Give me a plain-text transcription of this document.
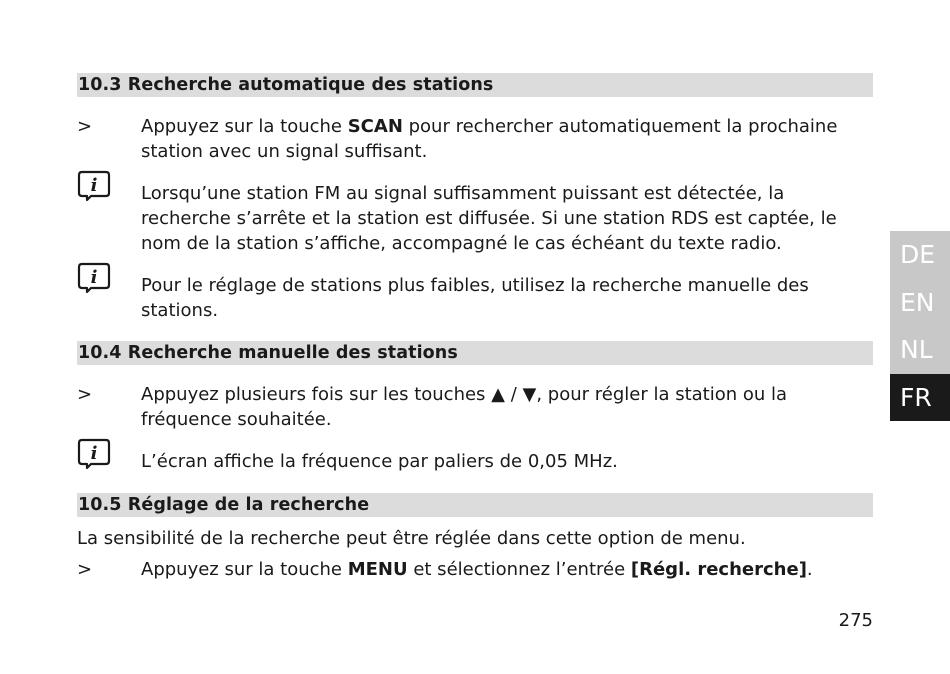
10.3 Recherche automatique des stations
>	Appuyez sur la touche SCAN pour rechercher automatiquement la prochaine station avec un signal suffisant.
i Lorsqu’une station FM au signal suffisamment puissant est détectée, la recherche s’arrête et la station est diffusée. Si une station RDS est captée, le nom de la station s’affiche, accompagné le cas échéant du texte radio.
i Pour le réglage de stations plus faibles, utilisez la recherche manuelle des stations.
10.4 Recherche manuelle des stations
>	Appuyez plusieurs fois sur les touches ▲ / ▼, pour régler la station ou la fréquence souhaitée.
i L’écran affiche la fréquence par paliers de 0,05 MHz.
10.5 Réglage de la recherche
La sensibilité de la recherche peut être réglée dans cette option de menu.
>	Appuyez sur la touche MENU et sélectionnez l’entrée [Régl. recherche].
DE
EN
NL
FR
275
